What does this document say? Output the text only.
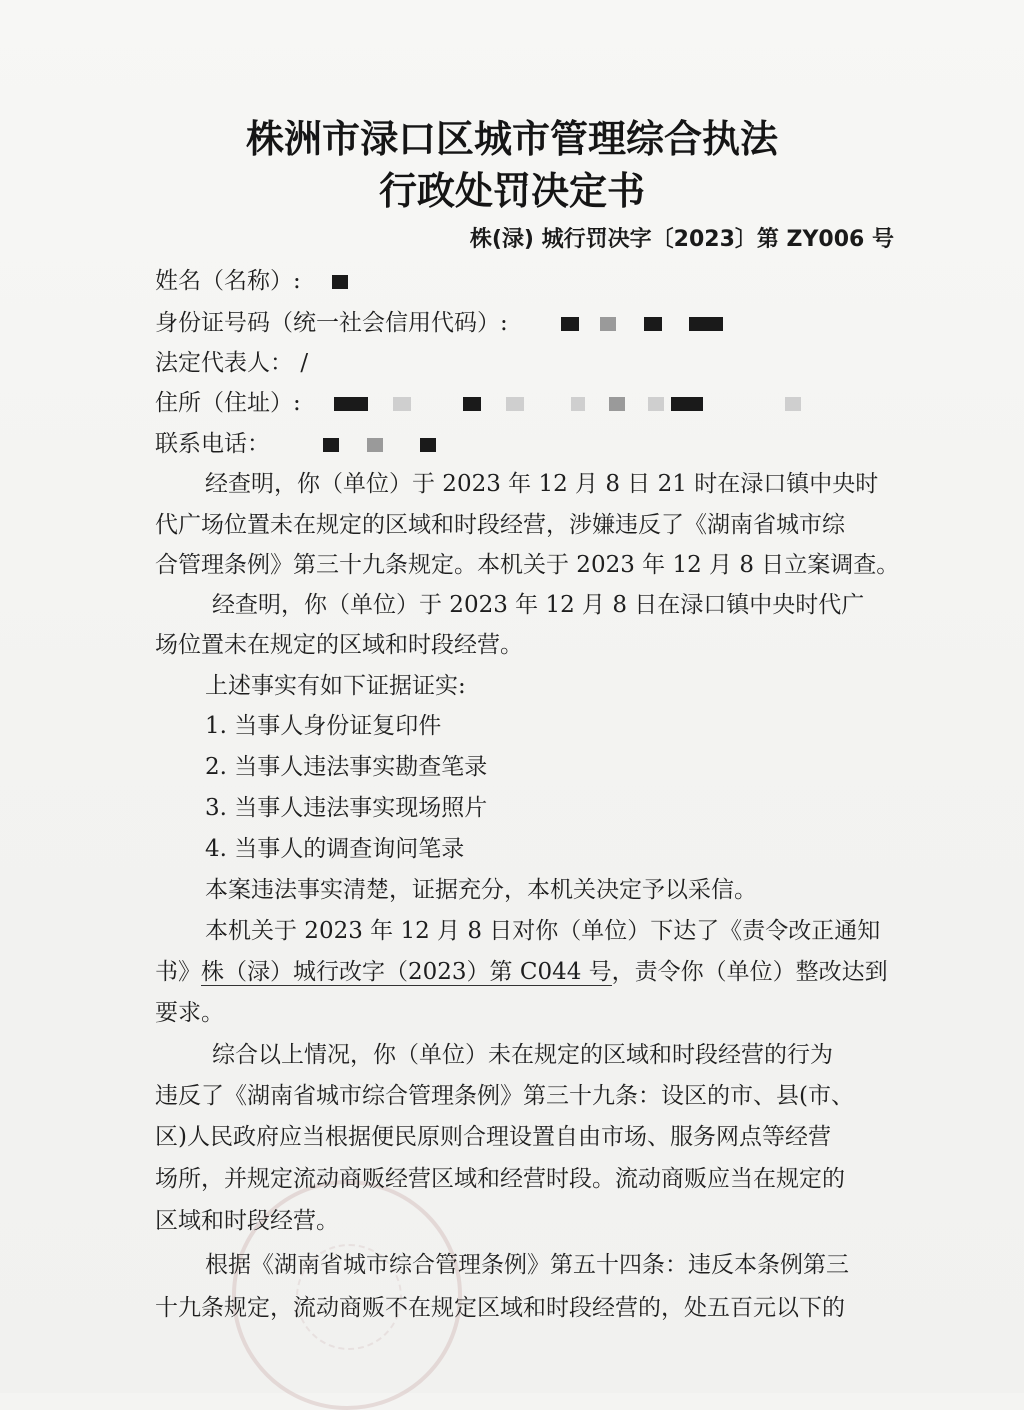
株洲市渌口区城市管理综合执法
行政处罚决定书
株(渌) 城行罚决字〔2023〕第 ZY006 号
姓名（名称）:
身份证号码（统一社会信用代码）:
法定代表人： /
住所（住址）:
联系电话：
经查明，你（单位）于 2023 年 12 月 8 日 21 时在渌口镇中央时
代广场位置未在规定的区域和时段经营，涉嫌违反了《湖南省城市综
合管理条例》第三十九条规定。本机关于 2023 年 12 月 8 日立案调查。
经查明，你（单位）于 2023 年 12 月 8 日在渌口镇中央时代广
场位置未在规定的区域和时段经营。
上述事实有如下证据证实:
1. 当事人身份证复印件
2. 当事人违法事实勘查笔录
3. 当事人违法事实现场照片
4. 当事人的调查询问笔录
本案违法事实清楚，证据充分，本机关决定予以采信。
本机关于 2023 年 12 月 8 日对你（单位）下达了《责令改正通知
书》株（渌）城行改字（2023）第 C044 号，责令你（单位）整改达到
要求。
综合以上情况，你（单位）未在规定的区域和时段经营的行为
违反了《湖南省城市综合管理条例》第三十九条：设区的市、县(市、
区)人民政府应当根据便民原则合理设置自由市场、服务网点等经营
场所，并规定流动商贩经营区域和经营时段。流动商贩应当在规定的
区域和时段经营。
根据《湖南省城市综合管理条例》第五十四条：违反本条例第三
十九条规定，流动商贩不在规定区域和时段经营的，处五百元以下的
